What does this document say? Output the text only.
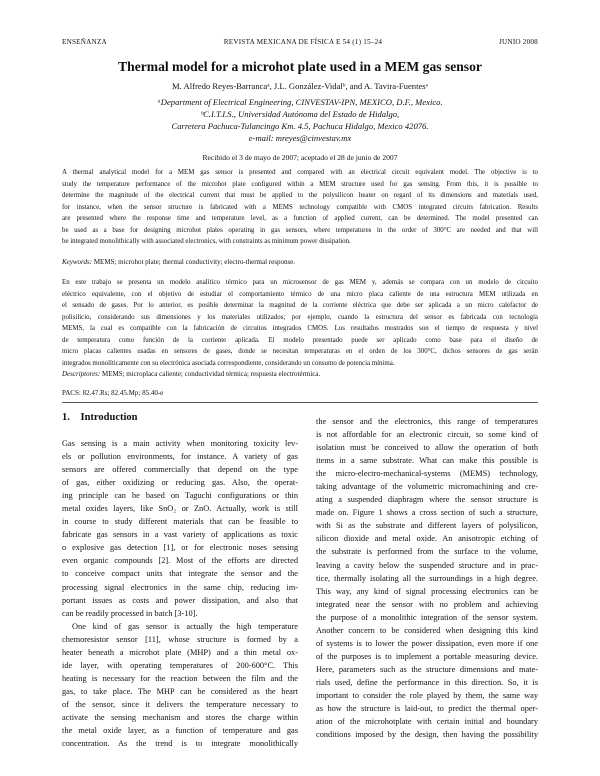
ENSEÑANZA	REVISTA MEXICANA DE FÍSICA E 54 (1) 15–24	JUNIO 2008
Thermal model for a microhot plate used in a MEM gas sensor
M. Alfredo Reyes-Barrancaᵃ, J.L. González-Vidalᵇ, and A. Tavira-Fuentesᵃ
ᵃDepartment of Electrical Engineering, CINVESTAV-IPN, MEXICO, D.F., Mexico.
ᵇC.I.T.I.S., Universidad Autónoma del Estado de Hidalgo,
Carretera Pachuca-Tulancingo Km. 4.5, Pachuca Hidalgo, Mexico 42076.
e-mail: mreyes@cinvestav.mx
Recibido el 3 de mayo de 2007; aceptado el 28 de junio de 2007
A thermal analytical model for a MEM gas sensor is presented and compared with an electrical circuit equivalent model. The objective is to
study the temperature performance of the microhot plate configured within a MEM structure used for gas sensing. From this, it is possible to
determine the magnitude of the electrical current that must be applied to the polysilicon heater on regard of its dimensions and materials used,
for instance, when the sensor structure is fabricated with a MEMS technology compatible with CMOS integrated circuits fabrication. Results
are presented where the response time and temperature level, as a function of applied current, can be determined. The model presented can
be used as a base for designing microhot plates operating in gas sensors, where temperatures in the order of 300°C are needed and that will
be integrated monolithically with associated electronics, with constraints as minimum power dissipation.
Keywords: MEMS; microhot plate; thermal conductivity; electro-thermal response.
En este trabajo se presenta un modelo analítico térmico para un microsensor de gas MEM y, además se compara con un modelo de circuito
eléctrico equivalente, con el objetivo de estudiar el comportamiento térmico de una micro placa caliente de una estructura MEM utilizada en
el sensado de gases. Por lo anterior, es posible determinar la magnitud de la corriente eléctrica que debe ser aplicada a un micro calefactor de
polisilicio, considerando sus dimensiones y los materiales utilizados; por ejemplo, cuando la estructura del sensor es fabricada con tecnología
MEMS, la cual es compatible con la fabricación de circuitos integrados CMOS. Los resultados mostrados son el tiempo de respuesta y nivel
de temperatura como función de la corriente aplicada. El modelo presentado puede ser aplicado como base para el diseño de
micro placas calientes usadas en sensores de gases, donde se necesitan temperaturas en el orden de los 300°C, dichos sensores de gas serán
integrados monolíticamente con su electrónica asociada correspondiente, considerando un consumo de potencia mínima.
Descriptores: MEMS; microplaca caliente; conductividad térmica; respuesta electrotérmica.
PACS: 82.47.Rs; 82.45.Mp; 85.40-e
1. Introduction
Gas sensing is a main activity when monitoring toxicity lev-
els or pollution environments, for instance. A variety of gas
sensors are offered commercially that depend on the type
of gas, either oxidizing or reducing gas. Also, the operat-
ing principle can be based on Taguchi configurations or thin
metal oxides layers, like SnO₂ or ZnO. Actually, work is still
in course to study different materials that can be feasible to
fabricate gas sensors in a vast variety of applications as toxic
o explosive gas detection [1], or for electronic noses sensing
even organic compounds [2]. Most of the efforts are directed
to conceive compact units that integrate the sensor and the
processing signal electronics in the same chip, reducing im-
portant issues as costs and power dissipation, and also that
can be readily processed in batch [3-10].
One kind of gas sensor is actually the high temperature
chemoresistor sensor [11], whose structure is formed by a
heater beneath a microhot plate (MHP) and a thin metal ox-
ide layer, with operating temperatures of 200-600°C. This
heating is necessary for the reaction between the film and the
gas, to take place. The MHP can be considered as the heart
of the sensor, since it delivers the temperature necessary to
activate the sensing mechanism and stores the charge within
the metal oxide layer, as a function of temperature and gas
concentration. As the trend is to integrate monolithically
the sensor and the electronics, this range of temperatures
is not affordable for an electronic circuit, so some kind of
isolation must be conceived to allow the operation of both
items in a same substrate. What can make this possible is
the micro-electro-mechanical-systems (MEMS) technology,
taking advantage of the volumetric micromachining and cre-
ating a suspended diaphragm where the sensor structure is
made on. Figure 1 shows a cross section of such a structure,
with Si as the substrate and different layers of polysilicon,
silicon dioxide and metal oxide. An anisotropic etching of
the substrate is performed from the surface to the volume,
leaving a cavity below the suspended structure and in prac-
tice, thermally isolating all the surroundings in a high degree.
This way, any kind of signal processing electronics can be
integrated near the sensor with no problem and achieving
the purpose of a monolithic integration of the sensor system.
Another concern to be considered when designing this kind
of systems is to lower the power dissipation, even more if one
of the purposes is to implement a portable measuring device.
Here, parameters such as the structure dimensions and mate-
rials used, define the performance in this direction. So, it is
important to consider the role played by them, the same way
as how the structure is laid-out, to predict the thermal oper-
ation of the microhotplate with certain initial and boundary
conditions imposed by the design, then having the possibility
